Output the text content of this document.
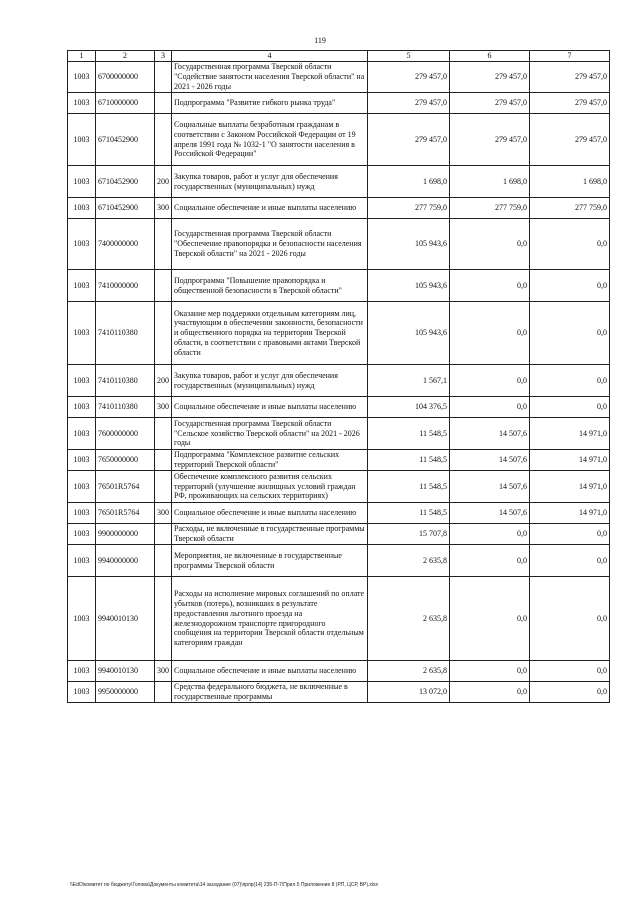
119
1	2	3	4	5	6	7
1003	6700000000		Государственная программа Тверской области "Содействие занятости населения Тверской области" на 2021 - 2026 годы	279 457,0	279 457,0	279 457,0
1003	6710000000		Подпрограмма "Развитие гибкого рынка труда"	279 457,0	279 457,0	279 457,0
1003	6710452900		Социальные выплаты безработным гражданам в соответствии с Законом Российской Федерации от 19 апреля 1991 года № 1032-1 "О занятости населения в Российской Федерации"	279 457,0	279 457,0	279 457,0
1003	6710452900	200	Закупка товаров, работ и услуг для обеспечения государственных (муниципальных) нужд	1 698,0	1 698,0	1 698,0
1003	6710452900	300	Социальное обеспечение и иные выплаты населению	277 759,0	277 759,0	277 759,0
1003	7400000000		Государственная программа Тверской области "Обеспечение правопорядка и безопасности населения Тверской области" на 2021 - 2026 годы	105 943,6	0,0	0,0
1003	7410000000		Подпрограмма "Повышение правопорядка и общественной безопасности в Тверской области"	105 943,6	0,0	0,0
1003	7410110380		Оказание мер поддержки отдельным категориям лиц, участвующим в обеспечении законности, безопасности и общественного порядка на территории Тверской области, в соответствии с правовыми актами Тверской области	105 943,6	0,0	0,0
1003	7410110380	200	Закупка товаров, работ и услуг для обеспечения государственных (муниципальных) нужд	1 567,1	0,0	0,0
1003	7410110380	300	Социальное обеспечение и иные выплаты населению	104 376,5	0,0	0,0
1003	7600000000		Государственная программа Тверской области "Сельское хозяйство Тверской области" на 2021 - 2026 годы	11 548,5	14 507,6	14 971,0
1003	7650000000		Подпрограмма "Комплексное развитие сельских территорий Тверской области"	11 548,5	14 507,6	14 971,0
1003	76501R5764		Обеспечение комплексного развития сельских территорий (улучшение жилищных условий граждан РФ, проживающих на сельских территориях)	11 548,5	14 507,6	14 971,0
1003	76501R5764	300	Социальное обеспечение и иные выплаты населению	11 548,5	14 507,6	14 971,0
1003	9900000000		Расходы, не включенные в государственные программы Тверской области	15 707,8	0,0	0,0
1003	9940000000		Мероприятия, не включенные в государственные программы Тверской области	2 635,8	0,0	0,0
1003	9940010130		Расходы на исполнение мировых соглашений по оплате убытков (потерь), возникших в результате предоставления льготного проезда на железнодорожном транспорте пригородного сообщения на территории Тверской области отдельным категориям граждан	2 635,8	0,0	0,0
1003	9940010130	300	Социальное обеспечение и иные выплаты населению	2 635,8	0,0	0,0
1003	9950000000		Средства федерального бюджета, не включенные в государственные программы	13 072,0	0,0	0,0
\\EdO\комитет по бюджету\Голова\Документы комитета\14 заседание (07)\прпр(14) 235-П-7\Прил 5 Приложение 8 (РП, ЦСР, ВР).xlsx
